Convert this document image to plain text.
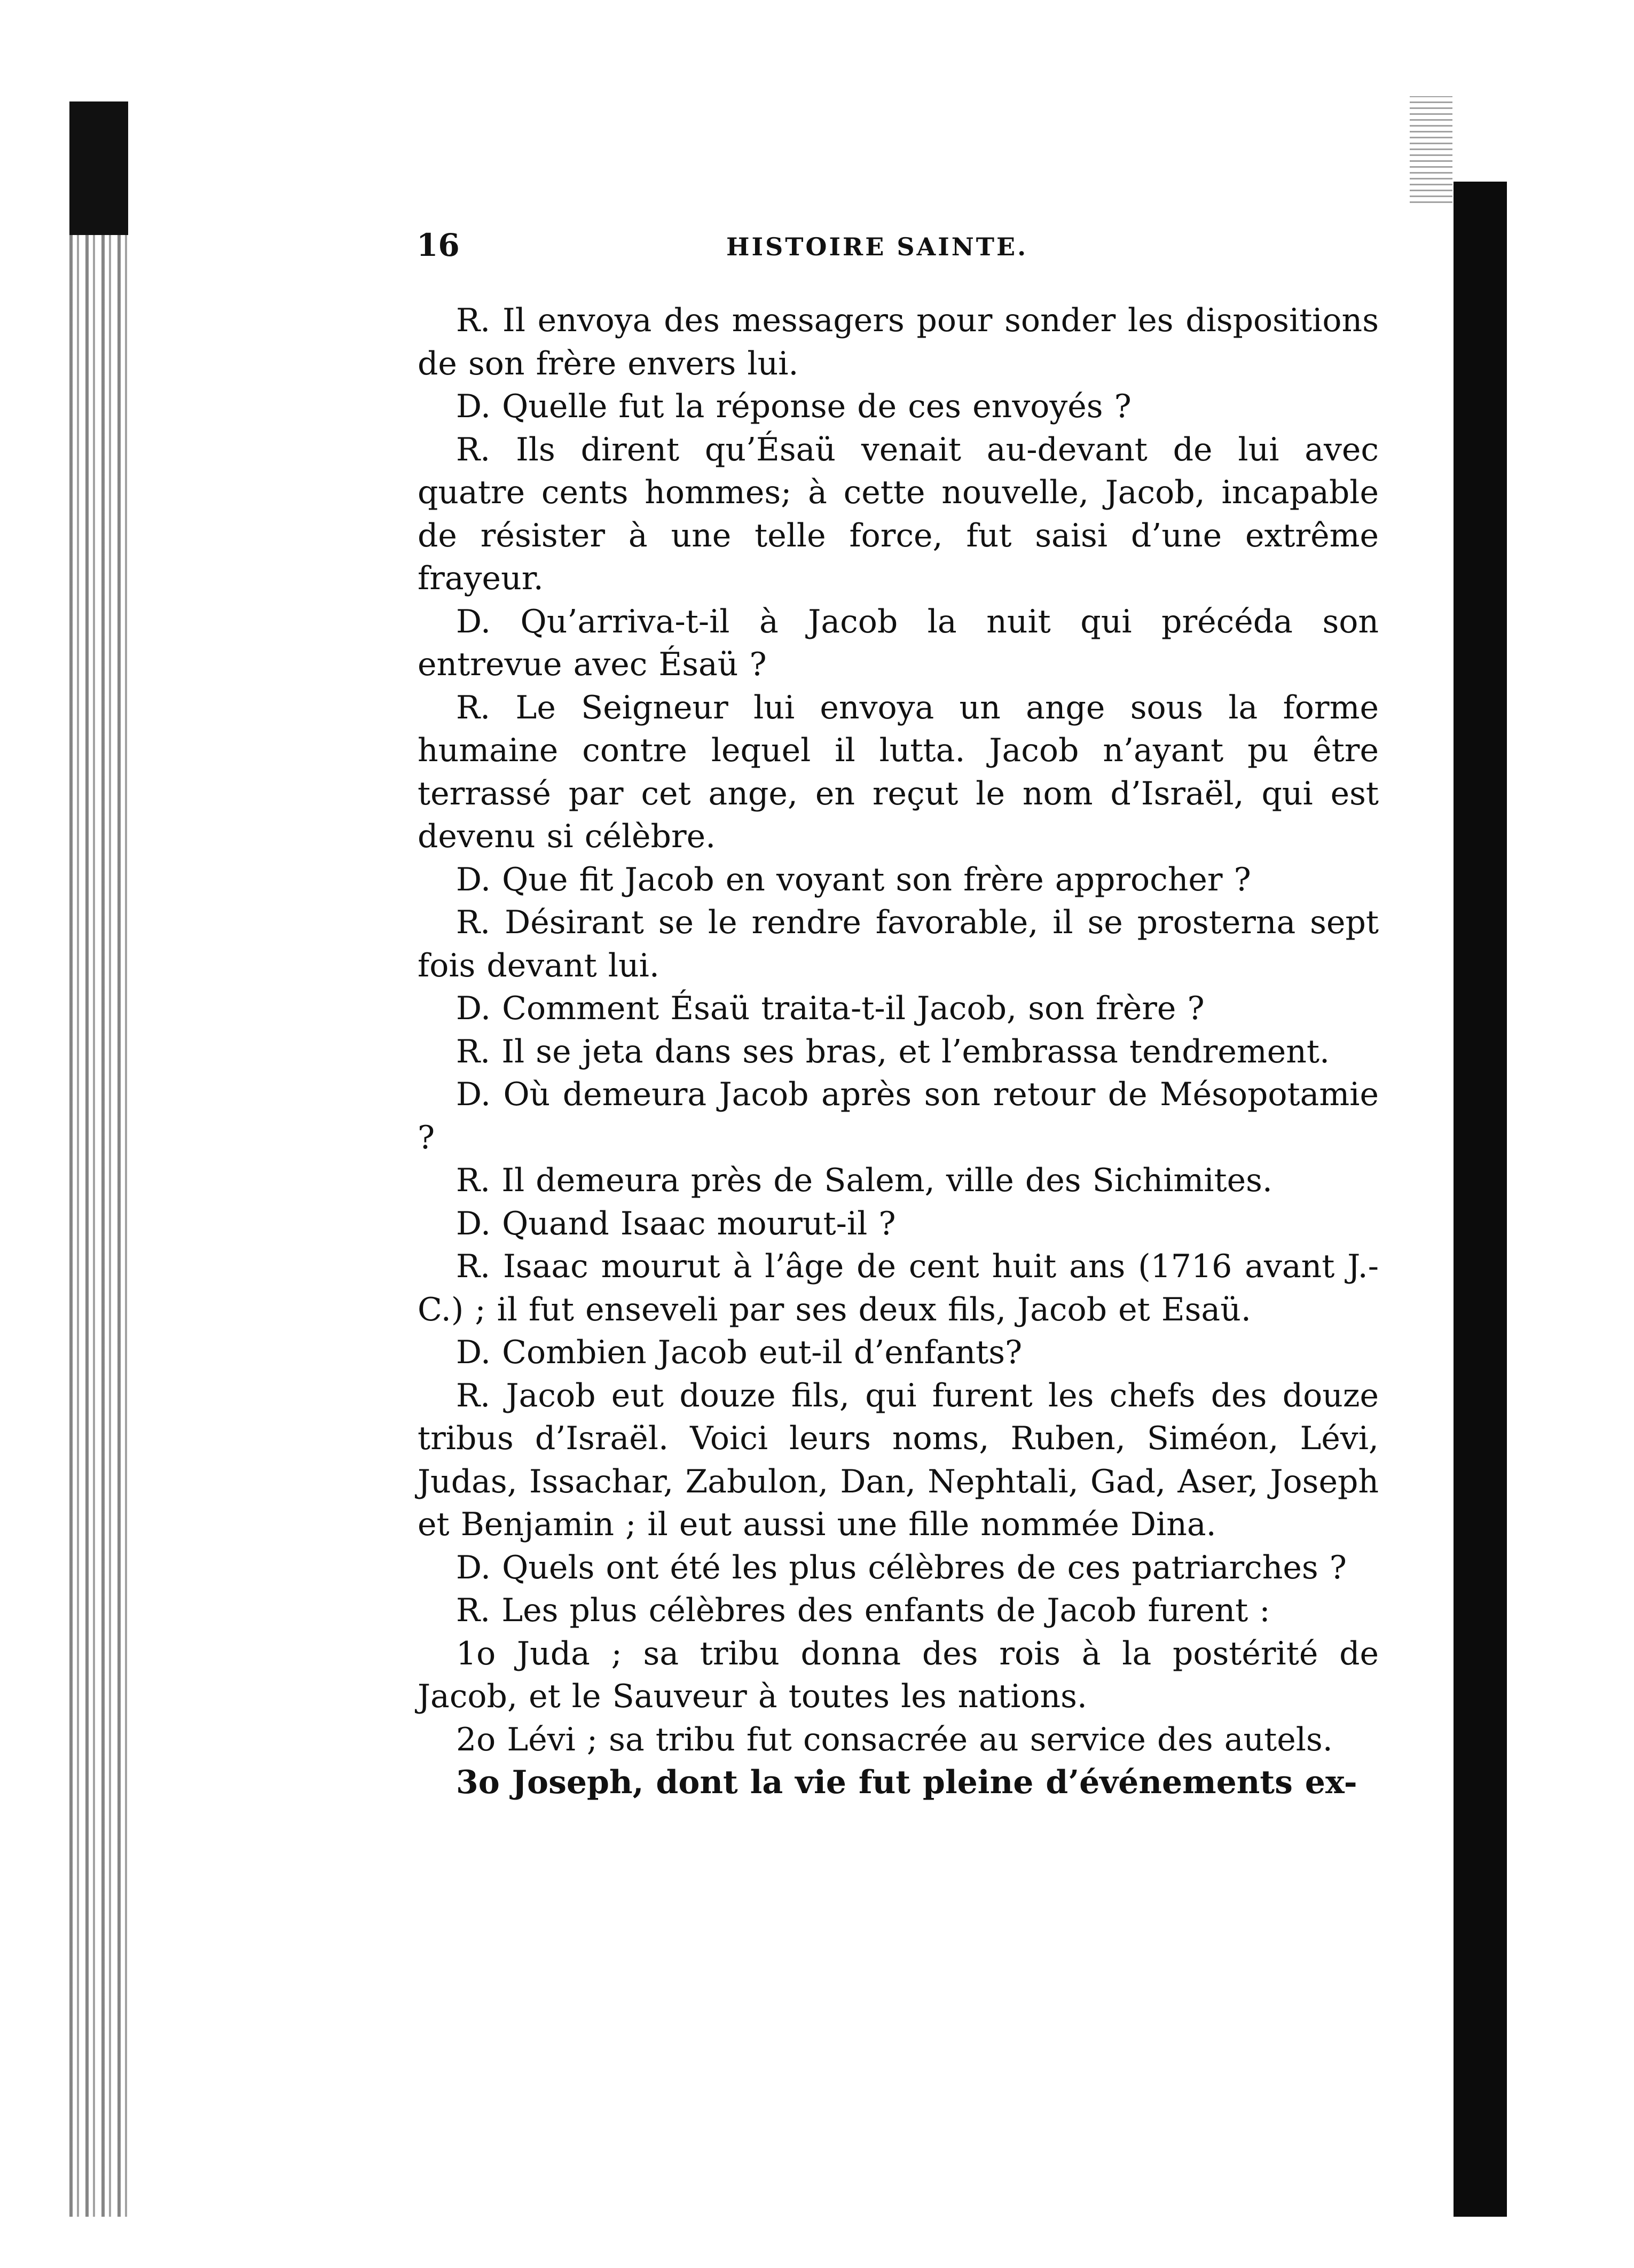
16	HISTOIRE SAINTE.

R. Il envoya des messagers pour sonder les dispositions de son frère envers lui.

D. Quelle fut la réponse de ces envoyés ?

R. Ils dirent qu’Ésaü venait au-devant de lui avec quatre cents hommes; à cette nouvelle, Jacob, incapable de résister à une telle force, fut saisi d’une extrême frayeur.

D. Qu’arriva-t-il à Jacob la nuit qui précéda son entrevue avec Ésaü ?

R. Le Seigneur lui envoya un ange sous la forme humaine contre lequel il lutta. Jacob n’ayant pu être terrassé par cet ange, en reçut le nom d’Israël, qui est devenu si célèbre.

D. Que fit Jacob en voyant son frère approcher ?

R. Désirant se le rendre favorable, il se prosterna sept fois devant lui.

D. Comment Ésaü traita-t-il Jacob, son frère ?

R. Il se jeta dans ses bras, et l’embrassa tendrement.

D. Où demeura Jacob après son retour de Mésopotamie ?

R. Il demeura près de Salem, ville des Sichimites.

D. Quand Isaac mourut-il ?

R. Isaac mourut à l’âge de cent huit ans (1716 avant J.-C.) ; il fut enseveli par ses deux fils, Jacob et Esaü.

D. Combien Jacob eut-il d’enfants?

R. Jacob eut douze fils, qui furent les chefs des douze tribus d’Israël. Voici leurs noms, Ruben, Siméon, Lévi, Judas, Issachar, Zabulon, Dan, Nephtali, Gad, Aser, Joseph et Benjamin ; il eut aussi une fille nommée Dina.

D. Quels ont été les plus célèbres de ces patriarches ?

R. Les plus célèbres des enfants de Jacob furent :

1o Juda ; sa tribu donna des rois à la postérité de Jacob, et le Sauveur à toutes les nations.

2o Lévi ; sa tribu fut consacrée au service des autels.

3o Joseph, dont la vie fut pleine d’événements ex-
